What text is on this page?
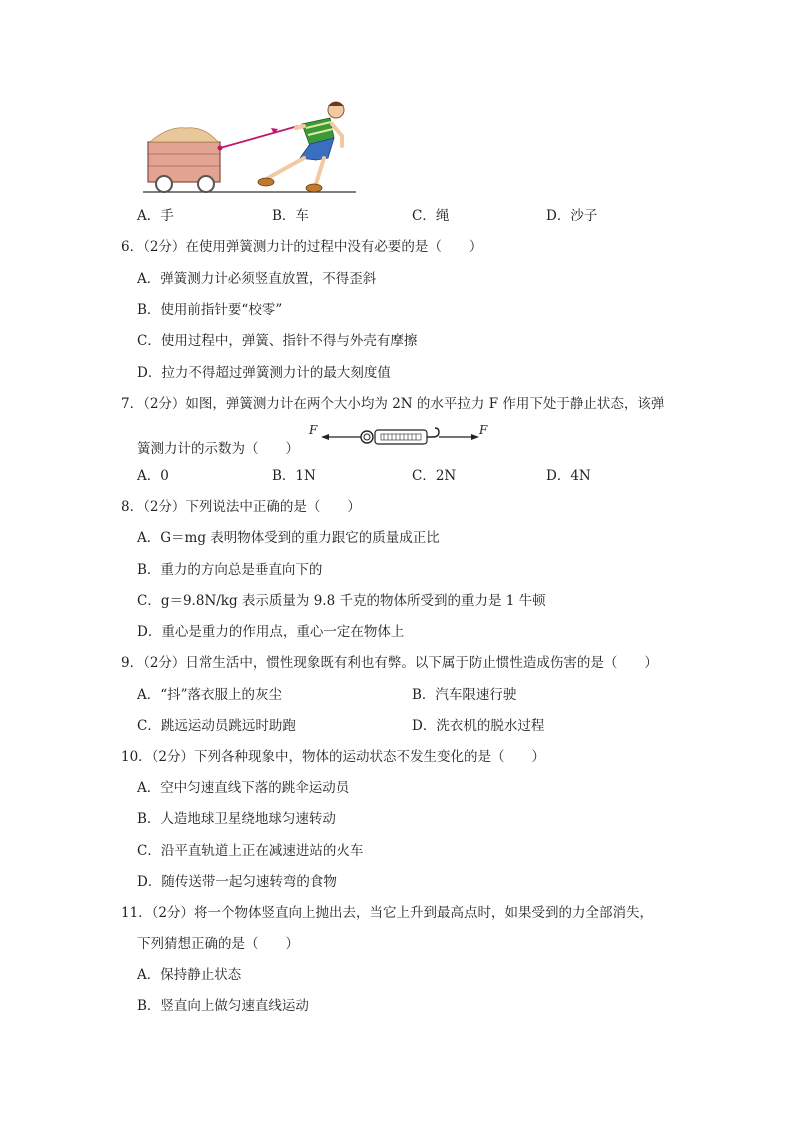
A．手	B．车	C．绳	D．沙子
6．（2分）在使用弹簧测力计的过程中没有必要的是（　　）
A．弹簧测力计必须竖直放置，不得歪斜
B．使用前指针要“校零”
C．使用过程中，弹簧、指针不得与外壳有摩擦
D．拉力不得超过弹簧测力计的最大刻度值
7．（2分）如图，弹簧测力计在两个大小均为 2N 的水平拉力 F 作用下处于静止状态，该弹
簧测力计的示数为（　　）
F	F
A．0	B．1N	C．2N	D．4N
8．（2分）下列说法中正确的是（　　）
A．G＝mg 表明物体受到的重力跟它的质量成正比
B．重力的方向总是垂直向下的
C．g＝9.8N/kg 表示质量为 9.8 千克的物体所受到的重力是 1 牛顿
D．重心是重力的作用点，重心一定在物体上
9．（2分）日常生活中，惯性现象既有利也有弊。以下属于防止惯性造成伤害的是（　　）
A．“抖”落衣服上的灰尘	B．汽车限速行驶
C．跳远运动员跳远时助跑	D．洗衣机的脱水过程
10．（2分）下列各种现象中，物体的运动状态不发生变化的是（　　）
A．空中匀速直线下落的跳伞运动员
B．人造地球卫星绕地球匀速转动
C．沿平直轨道上正在减速进站的火车
D．随传送带一起匀速转弯的食物
11．（2分）将一个物体竖直向上抛出去，当它上升到最高点时，如果受到的力全部消失，
下列猜想正确的是（　　）
A．保持静止状态
B．竖直向上做匀速直线运动
